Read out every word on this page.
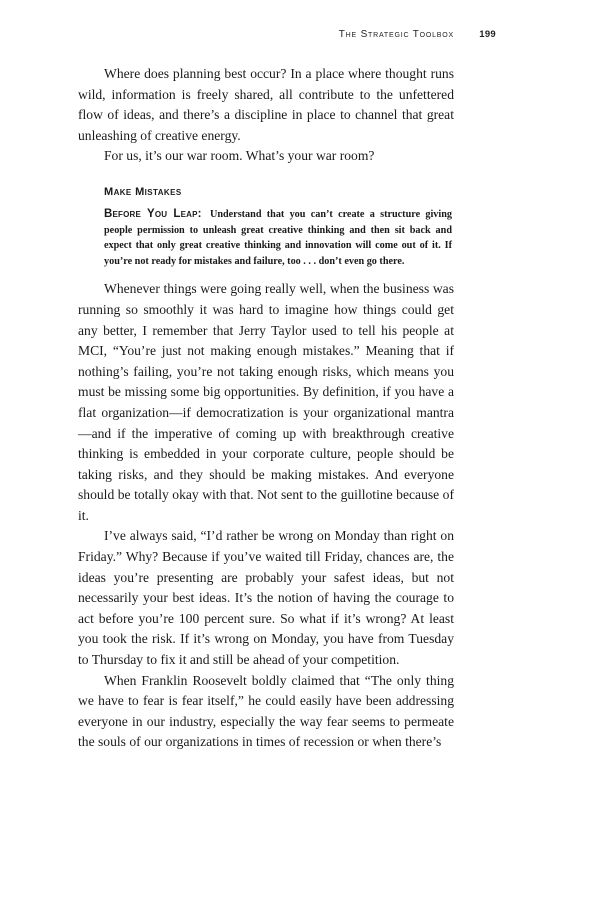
The Strategic Toolbox	199

Where does planning best occur? In a place where thought runs wild, information is freely shared, all contribute to the unfettered flow of ideas, and there’s a discipline in place to channel that great unleashing of creative energy.

For us, it’s our war room. What’s your war room?

Make Mistakes
Before You Leap: Understand that you can’t create a structure giving people permission to unleash great creative thinking and then sit back and expect that only great creative thinking and innovation will come out of it. If you’re not ready for mistakes and failure, too . . . don’t even go there.

Whenever things were going really well, when the business was running so smoothly it was hard to imagine how things could get any better, I remember that Jerry Taylor used to tell his people at MCI, “You’re just not making enough mistakes.” Meaning that if nothing’s failing, you’re not taking enough risks, which means you must be missing some big opportunities. By definition, if you have a flat organization—if democratization is your organizational mantra—and if the imperative of coming up with breakthrough creative thinking is embedded in your corporate culture, people should be taking risks, and they should be making mistakes. And everyone should be totally okay with that. Not sent to the guillotine because of it.

I’ve always said, “I’d rather be wrong on Monday than right on Friday.” Why? Because if you’ve waited till Friday, chances are, the ideas you’re presenting are probably your safest ideas, but not necessarily your best ideas. It’s the notion of having the courage to act before you’re 100 percent sure. So what if it’s wrong? At least you took the risk. If it’s wrong on Monday, you have from Tuesday to Thursday to fix it and still be ahead of your competition.

When Franklin Roosevelt boldly claimed that “The only thing we have to fear is fear itself,” he could easily have been addressing everyone in our industry, especially the way fear seems to permeate the souls of our organizations in times of recession or when there’s
